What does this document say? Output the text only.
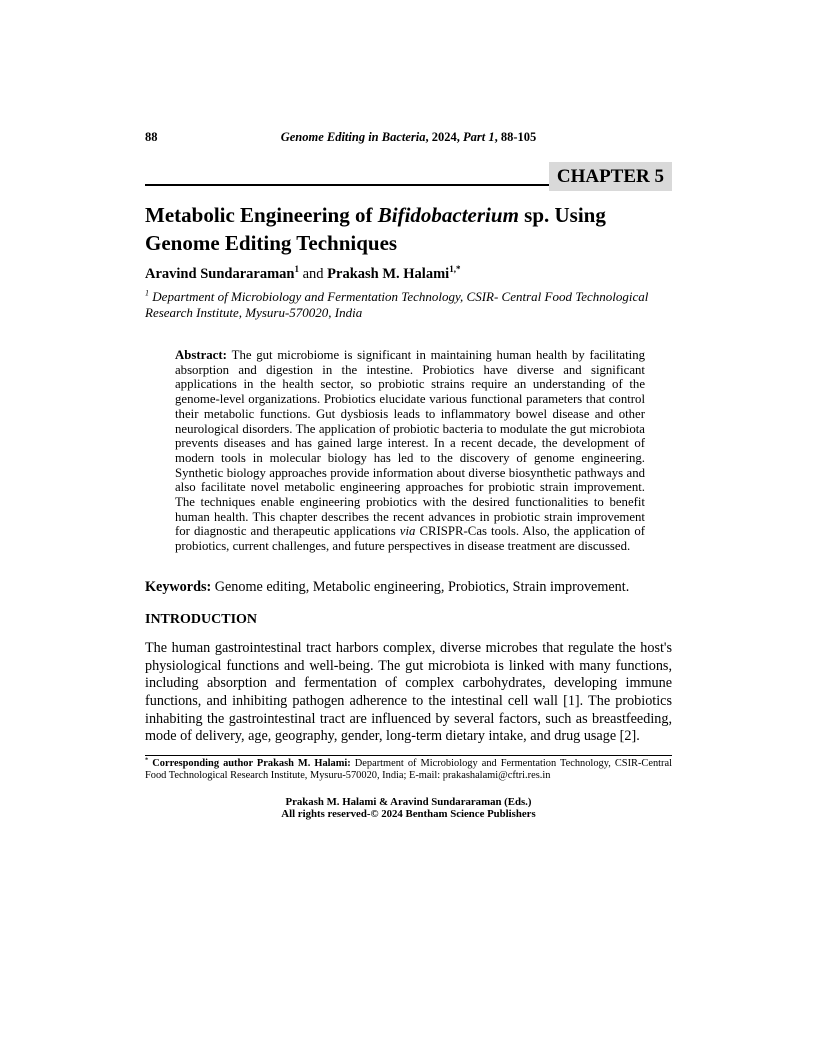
88	Genome Editing in Bacteria, 2024, Part 1, 88-105
CHAPTER 5
Metabolic Engineering of Bifidobacterium sp. Using Genome Editing Techniques
Aravind Sundararaman$^1$ and Prakash M. Halami$^{1,*}$
$^1$ Department of Microbiology and Fermentation Technology, CSIR- Central Food Technological Research Institute, Mysuru-570020, India
Abstract: The gut microbiome is significant in maintaining human health by facilitating absorption and digestion in the intestine. Probiotics have diverse and significant applications in the health sector, so probiotic strains require an understanding of the genome-level organizations. Probiotics elucidate various functional parameters that control their metabolic functions. Gut dysbiosis leads to inflammatory bowel disease and other neurological disorders. The application of probiotic bacteria to modulate the gut microbiota prevents diseases and has gained large interest. In a recent decade, the development of modern tools in molecular biology has led to the discovery of genome engineering. Synthetic biology approaches provide information about diverse biosynthetic pathways and also facilitate novel metabolic engineering approaches for probiotic strain improvement. The techniques enable engineering probiotics with the desired functionalities to benefit human health. This chapter describes the recent advances in probiotic strain improvement for diagnostic and therapeutic applications via CRISPR-Cas tools. Also, the application of probiotics, current challenges, and future perspectives in disease treatment are discussed.
Keywords: Genome editing, Metabolic engineering, Probiotics, Strain improvement.
INTRODUCTION
The human gastrointestinal tract harbors complex, diverse microbes that regulate the host's physiological functions and well-being. The gut microbiota is linked with many functions, including absorption and fermentation of complex carbohydrates, developing immune functions, and inhibiting pathogen adherence to the intestinal cell wall [1]. The probiotics inhabiting the gastrointestinal tract are influenced by several factors, such as breastfeeding, mode of delivery, age, geography, gender, long-term dietary intake, and drug usage [2].
* Corresponding author Prakash M. Halami: Department of Microbiology and Fermentation Technology, CSIR-Central Food Technological Research Institute, Mysuru-570020, India; E-mail: prakashalami@cftri.res.in
Prakash M. Halami & Aravind Sundararaman (Eds.)
All rights reserved-© 2024 Bentham Science Publishers
